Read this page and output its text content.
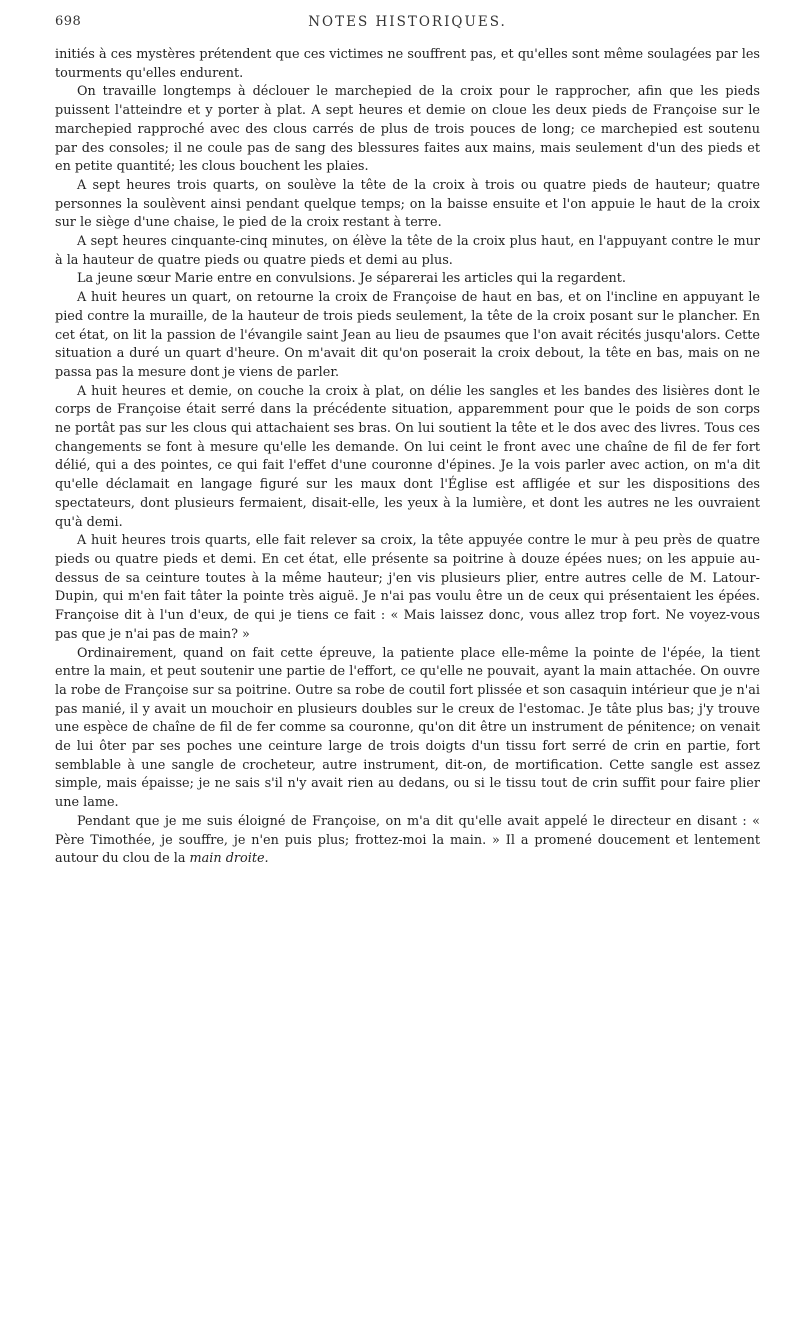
698	NOTES HISTORIQUES.

initiés à ces mystères prétendent que ces victimes ne souffrent pas, et qu'elles sont même soulagées par les tourments qu'elles endurent.

On travaille longtemps à déclouer le marchepied de la croix pour le rapprocher, afin que les pieds puissent l'atteindre et y porter à plat. A sept heures et demie on cloue les deux pieds de Françoise sur le marchepied rapproché avec des clous carrés de plus de trois pouces de long; ce marchepied est soutenu par des consoles; il ne coule pas de sang des blessures faites aux mains, mais seulement d'un des pieds et en petite quantité; les clous bouchent les plaies.

A sept heures trois quarts, on soulève la tête de la croix à trois ou quatre pieds de hauteur; quatre personnes la soulèvent ainsi pendant quelque temps; on la baisse ensuite et l'on appuie le haut de la croix sur le siège d'une chaise, le pied de la croix restant à terre.

A sept heures cinquante-cinq minutes, on élève la tête de la croix plus haut, en l'appuyant contre le mur à la hauteur de quatre pieds ou quatre pieds et demi au plus.

La jeune sœur Marie entre en convulsions. Je séparerai les articles qui la regardent.

A huit heures un quart, on retourne la croix de Françoise de haut en bas, et on l'incline en appuyant le pied contre la muraille, de la hauteur de trois pieds seulement, la tête de la croix posant sur le plancher. En cet état, on lit la passion de l'évangile saint Jean au lieu de psaumes que l'on avait récités jusqu'alors. Cette situation a duré un quart d'heure. On m'avait dit qu'on poserait la croix debout, la tête en bas, mais on ne passa pas la mesure dont je viens de parler.

A huit heures et demie, on couche la croix à plat, on délie les sangles et les bandes des lisières dont le corps de Françoise était serré dans la précédente situation, apparemment pour que le poids de son corps ne portât pas sur les clous qui attachaient ses bras. On lui soutient la tête et le dos avec des livres. Tous ces changements se font à mesure qu'elle les demande. On lui ceint le front avec une chaîne de fil de fer fort délié, qui a des pointes, ce qui fait l'effet d'une couronne d'épines. Je la vois parler avec action, on m'a dit qu'elle déclamait en langage figuré sur les maux dont l'Église est affligée et sur les dispositions des spectateurs, dont plusieurs fermaient, disait-elle, les yeux à la lumière, et dont les autres ne les ouvraient qu'à demi.

A huit heures trois quarts, elle fait relever sa croix, la tête appuyée contre le mur à peu près de quatre pieds ou quatre pieds et demi. En cet état, elle présente sa poitrine à douze épées nues; on les appuie au-dessus de sa ceinture toutes à la même hauteur; j'en vis plusieurs plier, entre autres celle de M. Latour-Dupin, qui m'en fait tâter la pointe très aiguë. Je n'ai pas voulu être un de ceux qui présentaient les épées. Françoise dit à l'un d'eux, de qui je tiens ce fait : « Mais laissez donc, vous allez trop fort. Ne voyez-vous pas que je n'ai pas de main? »

Ordinairement, quand on fait cette épreuve, la patiente place elle-même la pointe de l'épée, la tient entre la main, et peut soutenir une partie de l'effort, ce qu'elle ne pouvait, ayant la main attachée. On ouvre la robe de Françoise sur sa poitrine. Outre sa robe de coutil fort plissée et son casaquin intérieur que je n'ai pas manié, il y avait un mouchoir en plusieurs doubles sur le creux de l'estomac. Je tâte plus bas; j'y trouve une espèce de chaîne de fil de fer comme sa couronne, qu'on dit être un instrument de pénitence; on venait de lui ôter par ses poches une ceinture large de trois doigts d'un tissu fort serré de crin en partie, fort semblable à une sangle de crocheteur, autre instrument, dit-on, de mortification. Cette sangle est assez simple, mais épaisse; je ne sais s'il n'y avait rien au dedans, ou si le tissu tout de crin suffit pour faire plier une lame.

Pendant que je me suis éloigné de Françoise, on m'a dit qu'elle avait appelé le directeur en disant : « Père Timothée, je souffre, je n'en puis plus; frottez-moi la main. » Il a promené doucement et lentement autour du clou de la main droite.
